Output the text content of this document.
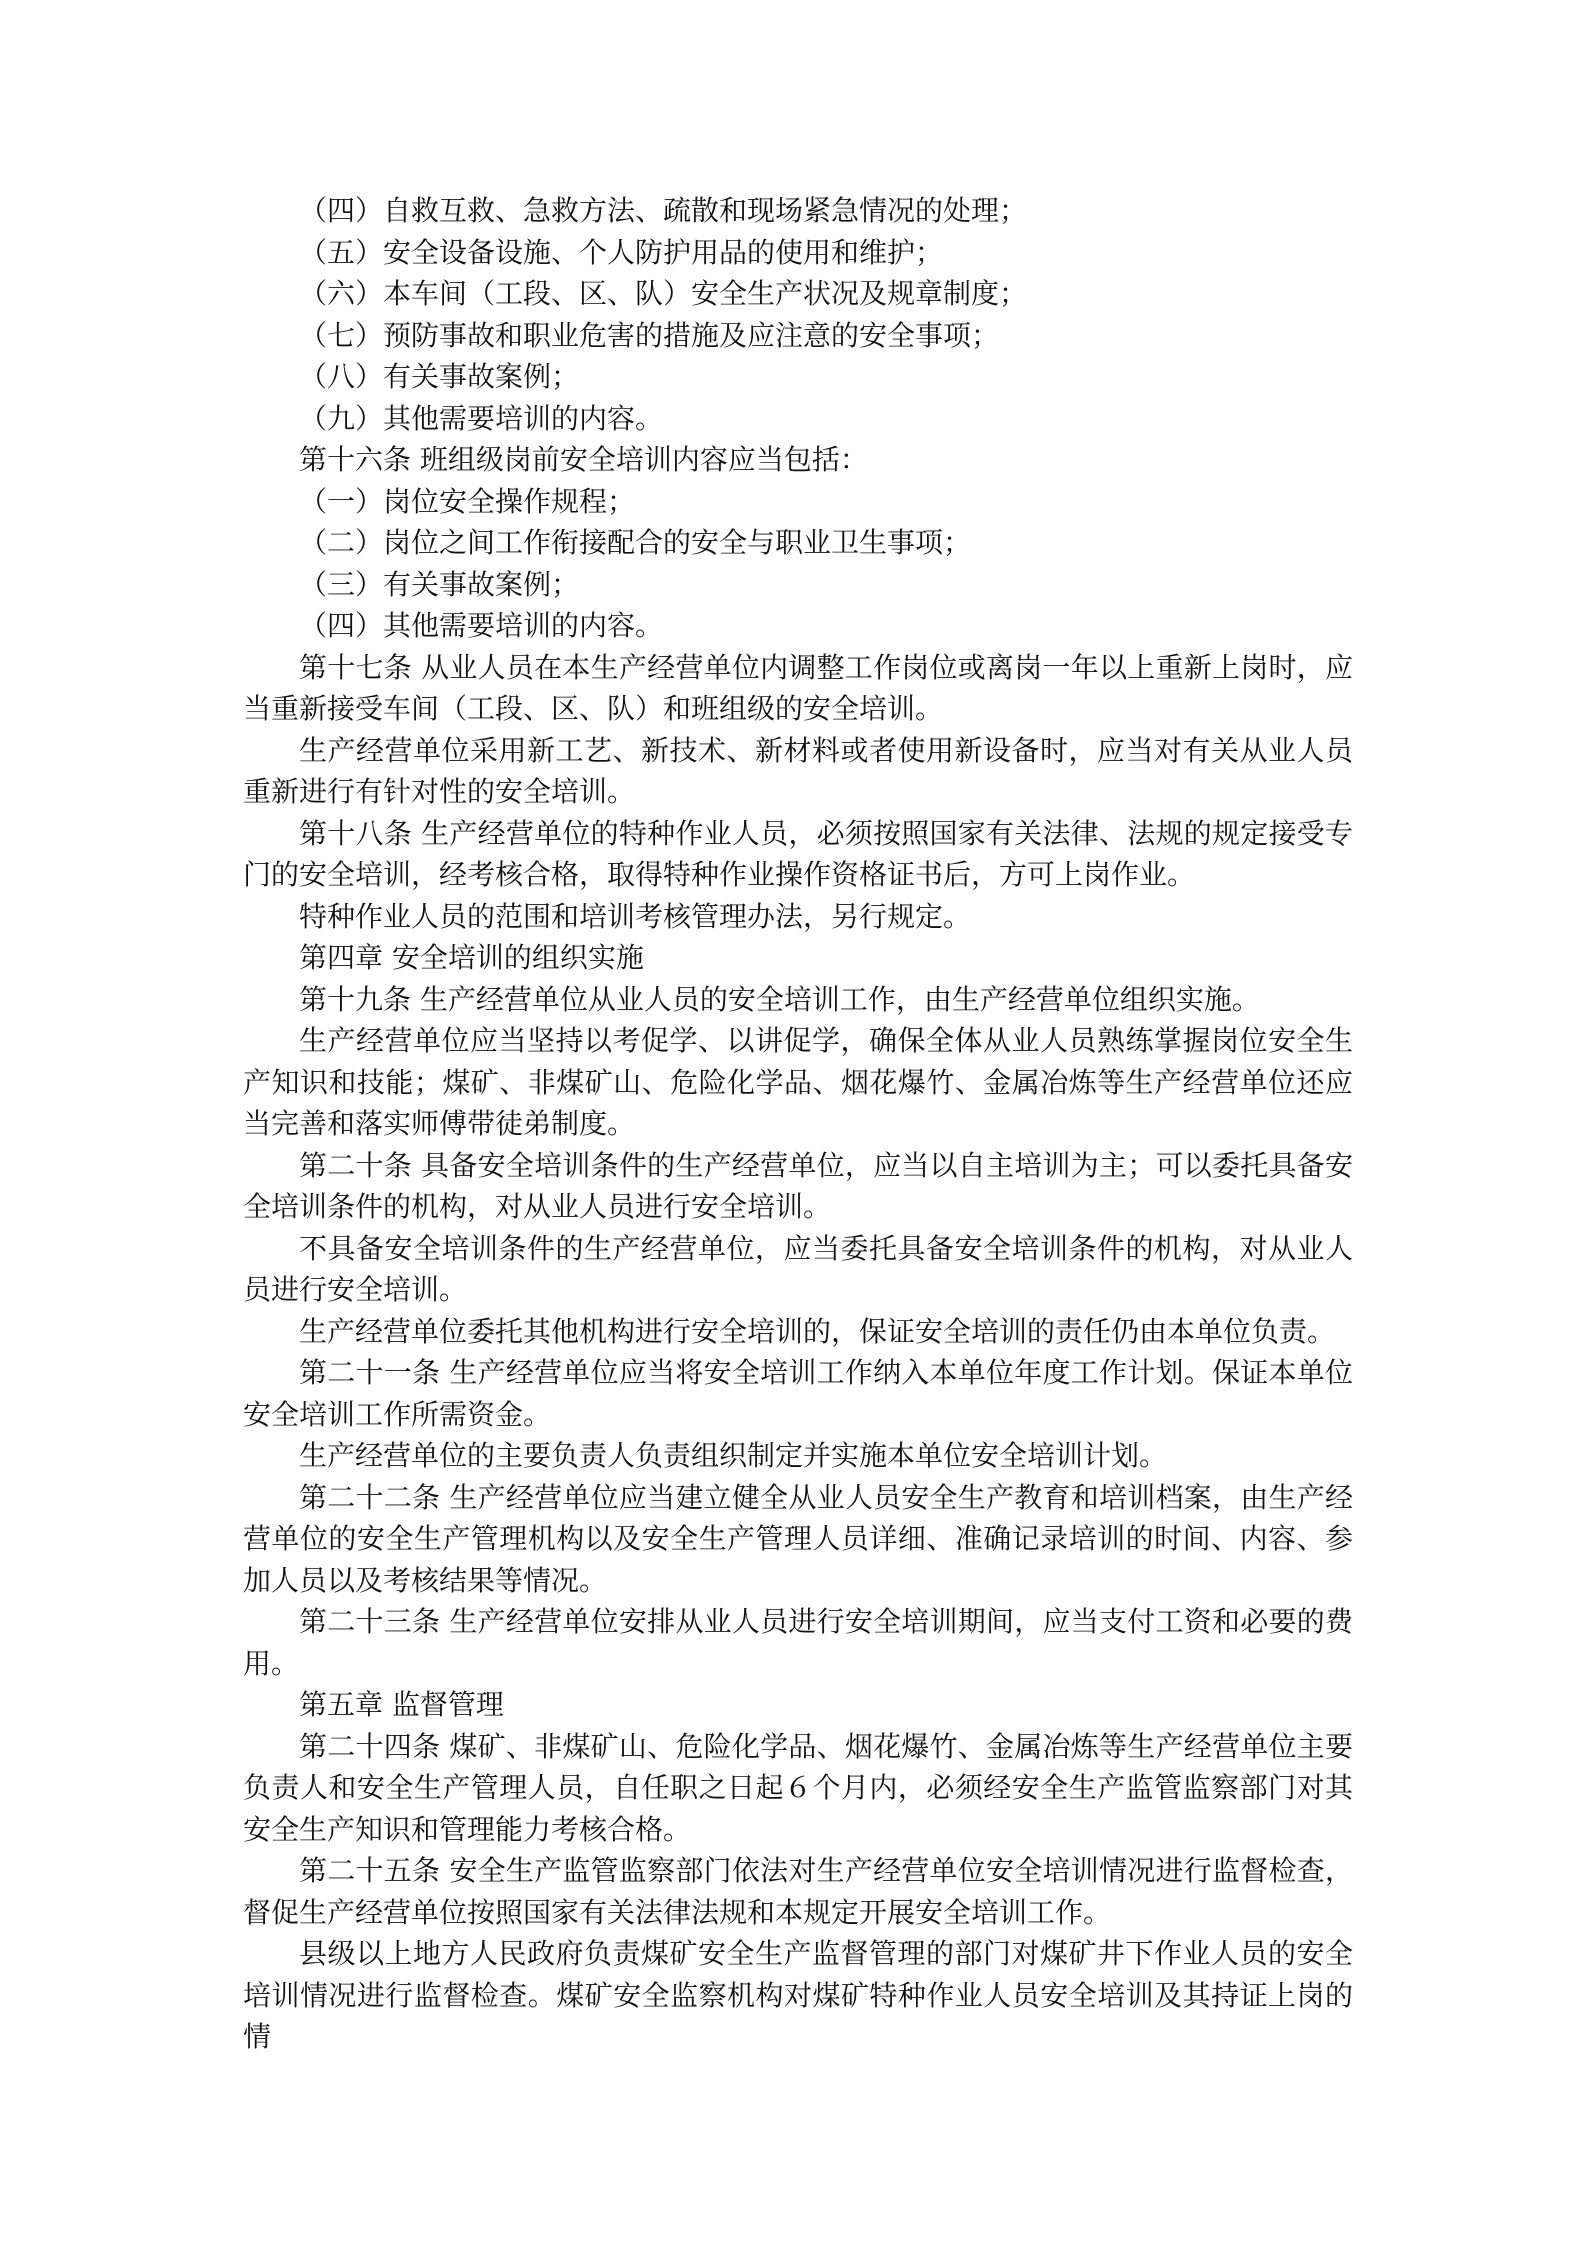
（四）自救互救、急救方法、疏散和现场紧急情况的处理；

（五）安全设备设施、个人防护用品的使用和维护；

（六）本车间（工段、区、队）安全生产状况及规章制度；

（七）预防事故和职业危害的措施及应注意的安全事项；

（八）有关事故案例；

（九）其他需要培训的内容。

第十六条 班组级岗前安全培训内容应当包括：

（一）岗位安全操作规程；

（二）岗位之间工作衔接配合的安全与职业卫生事项；

（三）有关事故案例；

（四）其他需要培训的内容。

第十七条 从业人员在本生产经营单位内调整工作岗位或离岗一年以上重新上岗时，应当重新接受车间（工段、区、队）和班组级的安全培训。

生产经营单位采用新工艺、新技术、新材料或者使用新设备时，应当对有关从业人员重新进行有针对性的安全培训。

第十八条 生产经营单位的特种作业人员，必须按照国家有关法律、法规的规定接受专门的安全培训，经考核合格，取得特种作业操作资格证书后，方可上岗作业。

特种作业人员的范围和培训考核管理办法，另行规定。

第四章 安全培训的组织实施

第十九条 生产经营单位从业人员的安全培训工作，由生产经营单位组织实施。

生产经营单位应当坚持以考促学、以讲促学，确保全体从业人员熟练掌握岗位安全生产知识和技能；煤矿、非煤矿山、危险化学品、烟花爆竹、金属冶炼等生产经营单位还应当完善和落实师傅带徒弟制度。

第二十条 具备安全培训条件的生产经营单位，应当以自主培训为主；可以委托具备安全培训条件的机构，对从业人员进行安全培训。

不具备安全培训条件的生产经营单位，应当委托具备安全培训条件的机构，对从业人员进行安全培训。

生产经营单位委托其他机构进行安全培训的，保证安全培训的责任仍由本单位负责。

第二十一条 生产经营单位应当将安全培训工作纳入本单位年度工作计划。保证本单位安全培训工作所需资金。

生产经营单位的主要负责人负责组织制定并实施本单位安全培训计划。

第二十二条 生产经营单位应当建立健全从业人员安全生产教育和培训档案，由生产经营单位的安全生产管理机构以及安全生产管理人员详细、准确记录培训的时间、内容、参加人员以及考核结果等情况。

第二十三条 生产经营单位安排从业人员进行安全培训期间，应当支付工资和必要的费用。

第五章 监督管理

第二十四条 煤矿、非煤矿山、危险化学品、烟花爆竹、金属冶炼等生产经营单位主要负责人和安全生产管理人员，自任职之日起６个月内，必须经安全生产监管监察部门对其安全生产知识和管理能力考核合格。

第二十五条 安全生产监管监察部门依法对生产经营单位安全培训情况进行监督检查，督促生产经营单位按照国家有关法律法规和本规定开展安全培训工作。

县级以上地方人民政府负责煤矿安全生产监督管理的部门对煤矿井下作业人员的安全培训情况进行监督检查。煤矿安全监察机构对煤矿特种作业人员安全培训及其持证上岗的情
